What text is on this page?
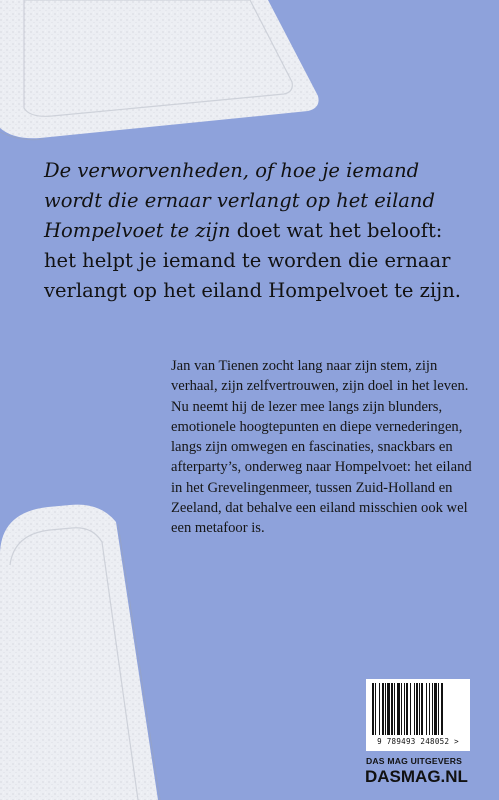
De verworvenheden, of hoe je iemand wordt die ernaar verlangt op het eiland Hompelvoet te zijn doet wat het belooft: het helpt je iemand te worden die ernaar verlangt op het eiland Hompelvoet te zijn.

Jan van Tienen zocht lang naar zijn stem, zijn verhaal, zijn zelfvertrouwen, zijn doel in het leven. Nu neemt hij de lezer mee langs zijn blunders, emotionele hoogtepunten en diepe vernederingen, langs zijn omwegen en fascinaties, snackbars en afterparty’s, onderweg naar Hompelvoet: het eiland in het Grevelingenmeer, tussen Zuid-Holland en Zeeland, dat behalve een eiland misschien ook wel een metafoor is.

9 789493 248052 >
DAS MAG UITGEVERS
DASMAG.NL
